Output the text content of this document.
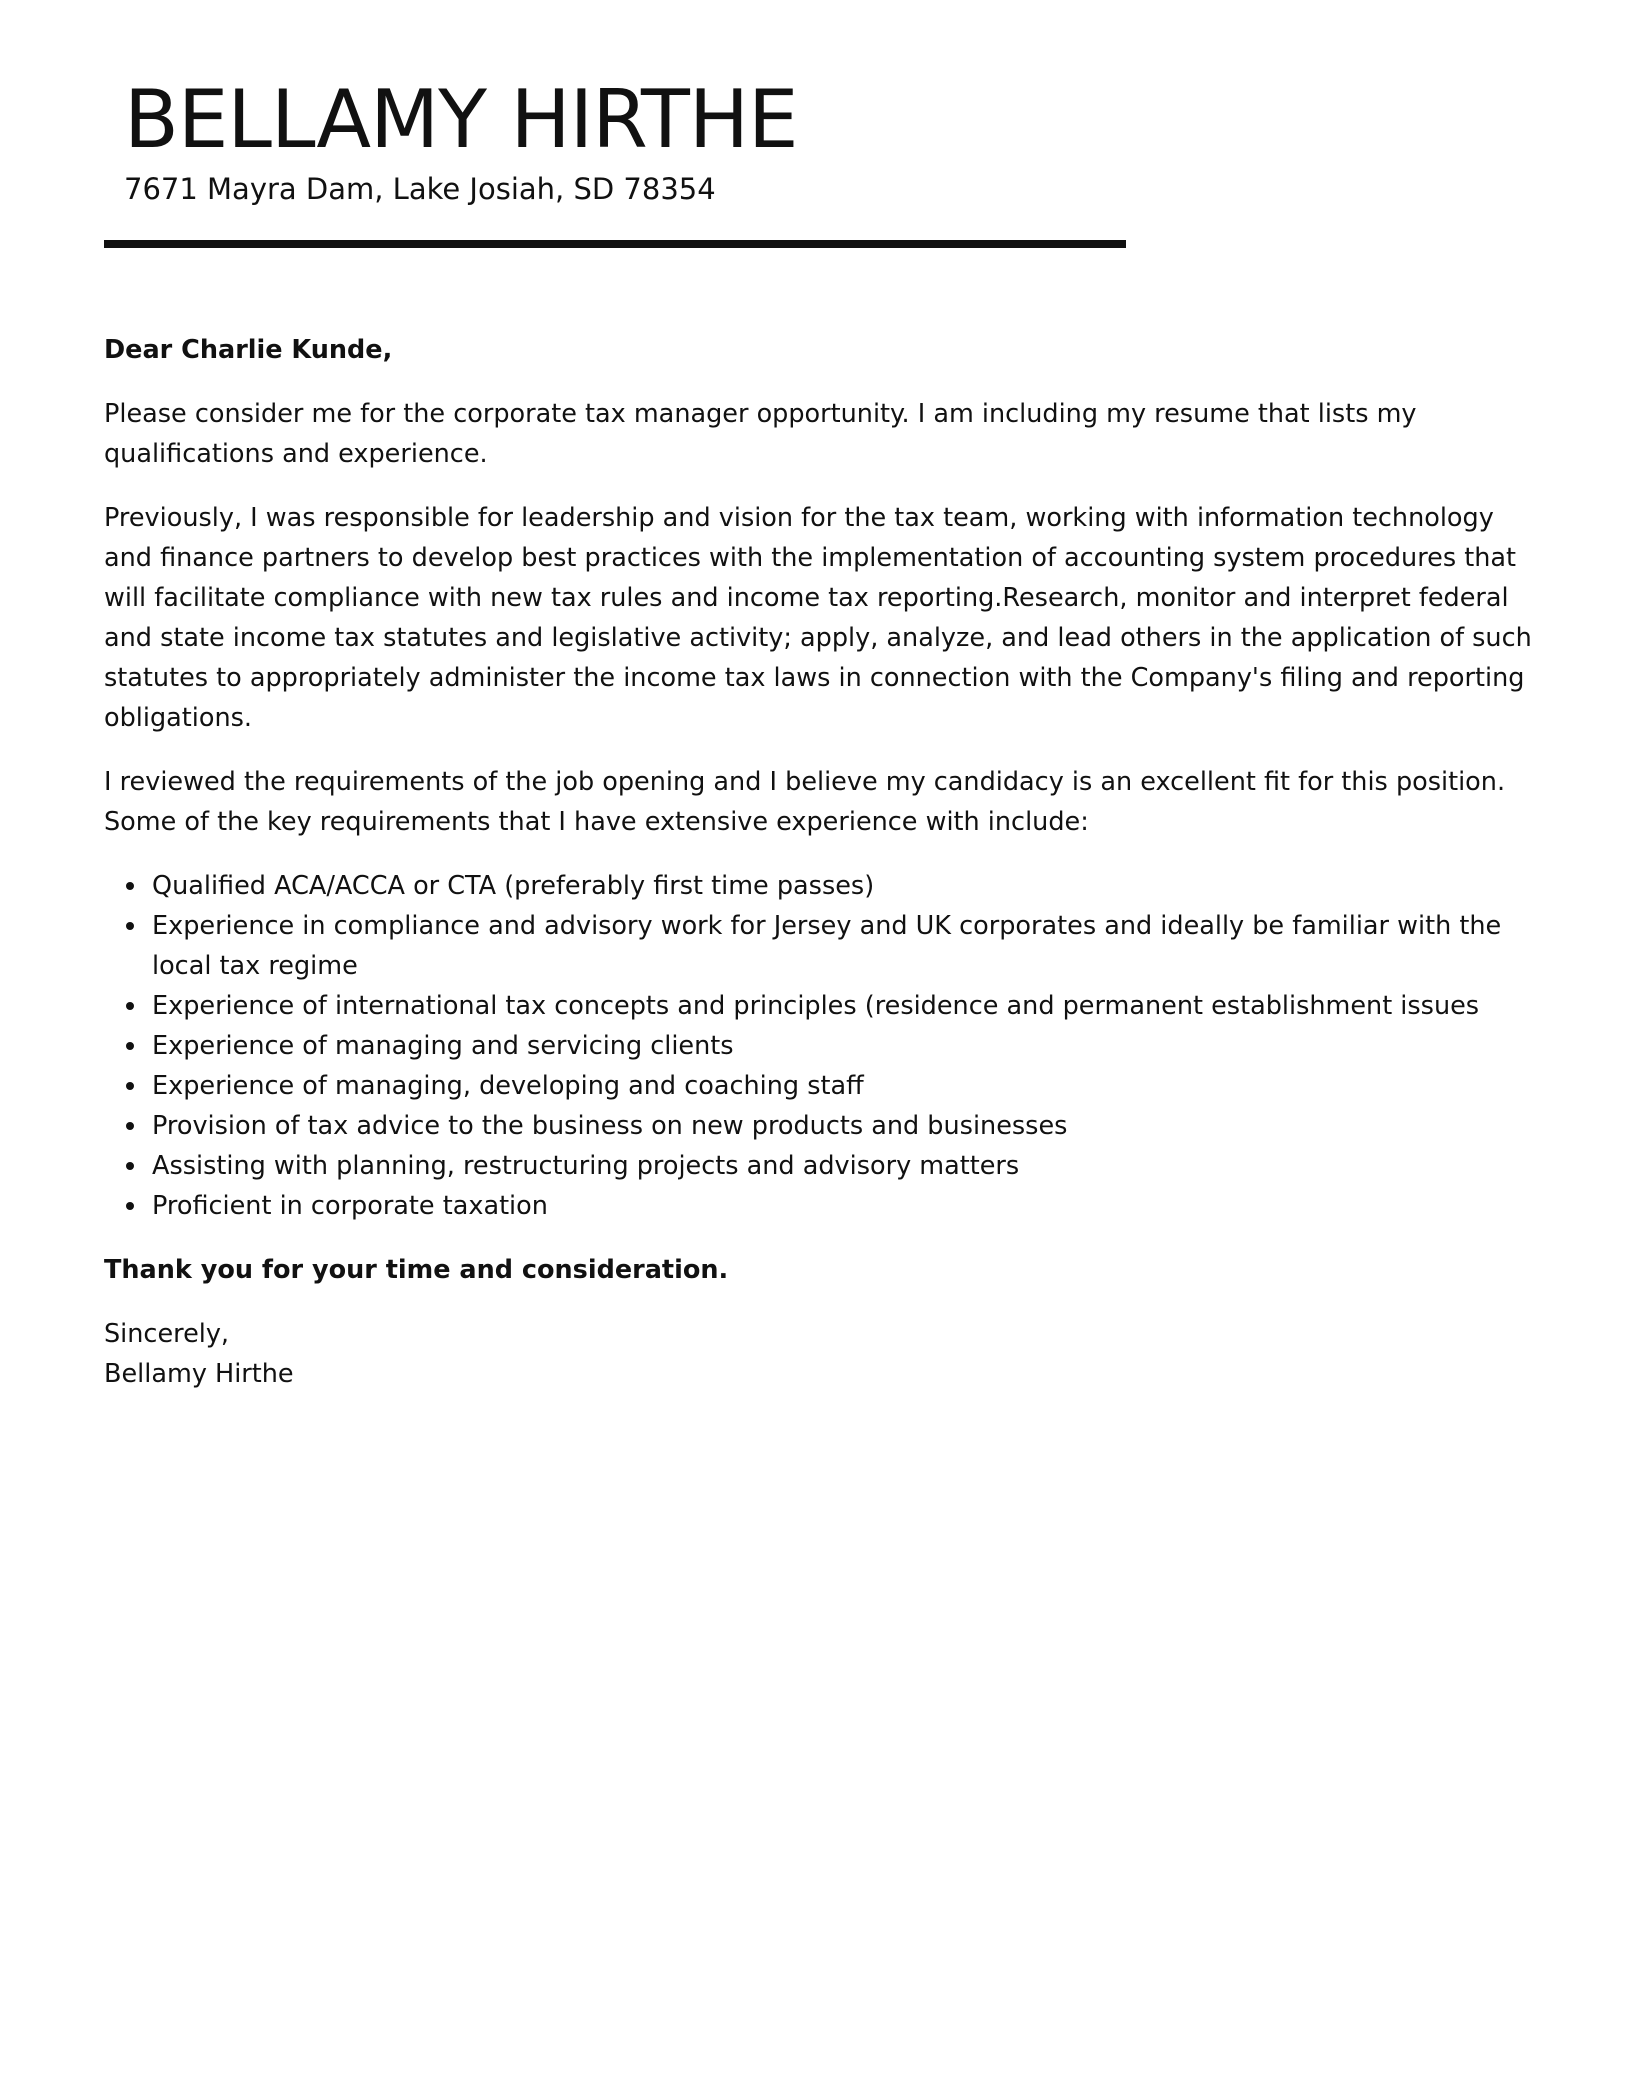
BELLAMY HIRTHE
7671 Mayra Dam, Lake Josiah, SD 78354

Dear Charlie Kunde,

Please consider me for the corporate tax manager opportunity. I am including my resume that lists my qualifications and experience.

Previously, I was responsible for leadership and vision for the tax team, working with information technology and finance partners to develop best practices with the implementation of accounting system procedures that will facilitate compliance with new tax rules and income tax reporting.Research, monitor and interpret federal and state income tax statutes and legislative activity; apply, analyze, and lead others in the application of such statutes to appropriately administer the income tax laws in connection with the Company's filing and reporting obligations.

I reviewed the requirements of the job opening and I believe my candidacy is an excellent fit for this position. Some of the key requirements that I have extensive experience with include:

Qualified ACA/ACCA or CTA (preferably first time passes)
Experience in compliance and advisory work for Jersey and UK corporates and ideally be familiar with the local tax regime
Experience of international tax concepts and principles (residence and permanent establishment issues
Experience of managing and servicing clients
Experience of managing, developing and coaching staff
Provision of tax advice to the business on new products and businesses
Assisting with planning, restructuring projects and advisory matters
Proficient in corporate taxation

Thank you for your time and consideration.

Sincerely,
Bellamy Hirthe
